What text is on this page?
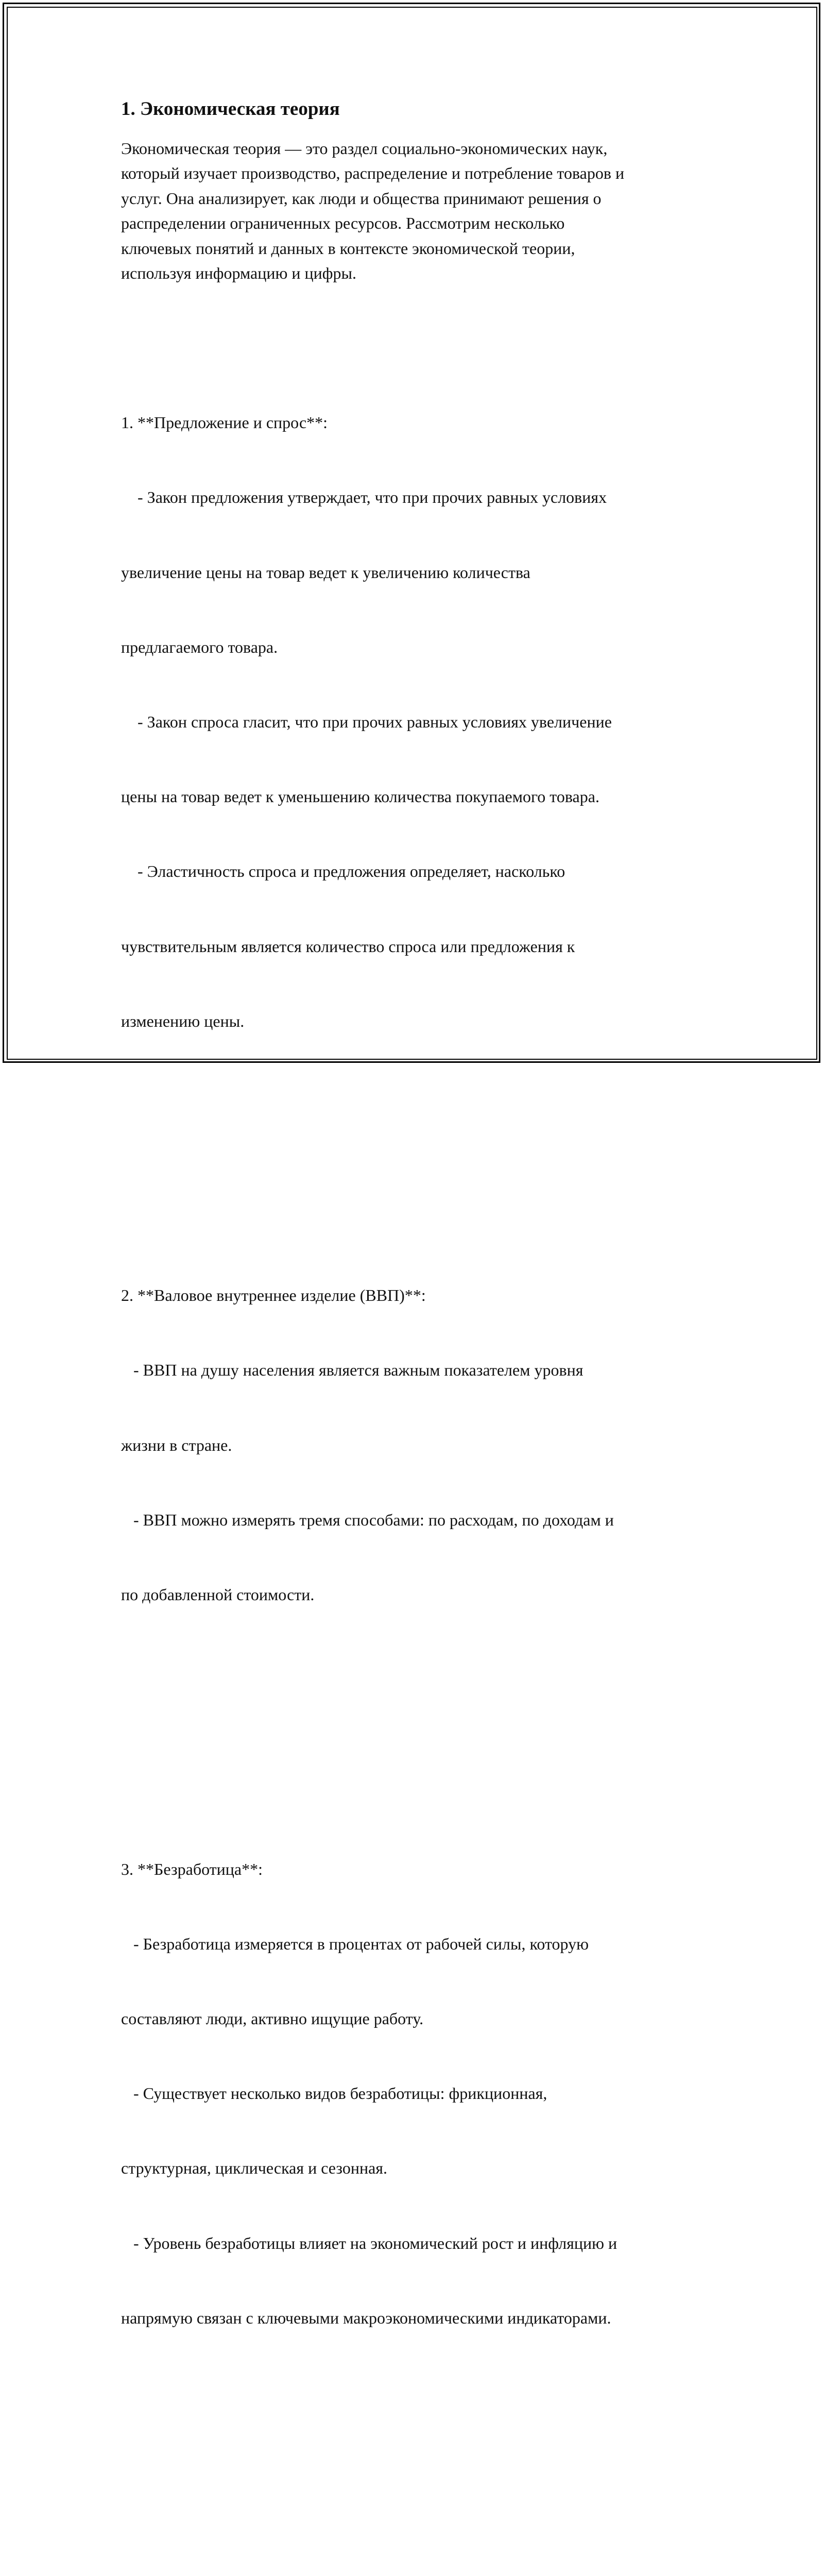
1. Экономическая теория
Экономическая теория — это раздел социально-экономических наук,
который изучает производство, распределение и потребление товаров и
услуг. Она анализирует, как люди и общества принимают решения о
распределении ограниченных ресурсов. Рассмотрим несколько
ключевых понятий и данных в контексте экономической теории,
используя информацию и цифры.

1. **Предложение и спрос**:

- Закон предложения утверждает, что при прочих равных условиях

увеличение цены на товар ведет к увеличению количества

предлагаемого товара.

- Закон спроса гласит, что при прочих равных условиях увеличение

цены на товар ведет к уменьшению количества покупаемого товара.

- Эластичность спроса и предложения определяет, насколько

чувствительным является количество спроса или предложения к

изменению цены.

2. **Валовое внутреннее изделие (ВВП)**:

- ВВП на душу населения является важным показателем уровня

жизни в стране.

- ВВП можно измерять тремя способами: по расходам, по доходам и

по добавленной стоимости.

3. **Безработица**:

- Безработица измеряется в процентах от рабочей силы, которую

составляют люди, активно ищущие работу.

- Существует несколько видов безработицы: фрикционная,

структурная, циклическая и сезонная.

- Уровень безработицы влияет на экономический рост и инфляцию и

напрямую связан с ключевыми макроэкономическими индикаторами.
